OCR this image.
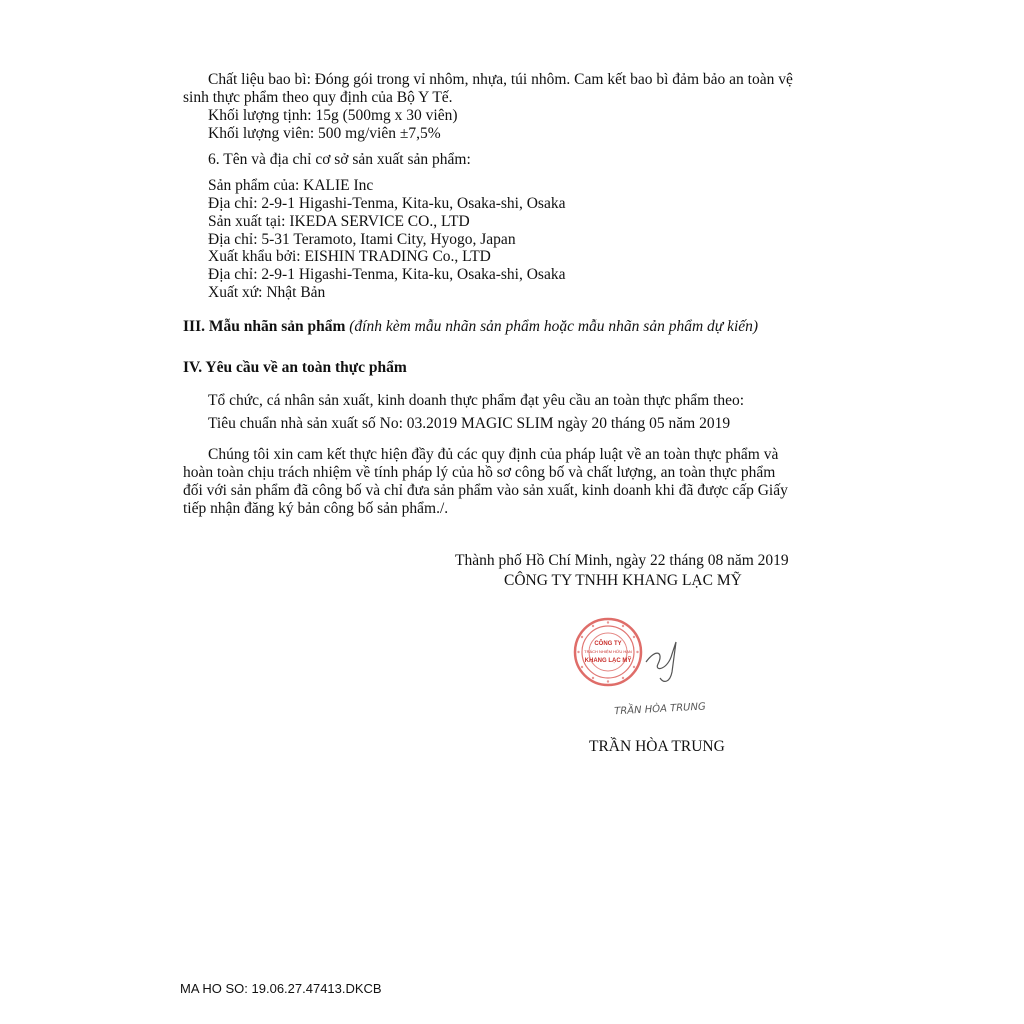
Chất liệu bao bì: Đóng gói trong vỉ nhôm, nhựa, túi nhôm. Cam kết bao bì đảm bảo an toàn vệ
sinh thực phẩm theo quy định của Bộ Y Tế.
Khối lượng tịnh: 15g (500mg x 30 viên)
Khối lượng viên: 500 mg/viên ±7,5%
6. Tên và địa chỉ cơ sở sản xuất sản phẩm:
Sản phẩm của: KALIE Inc
Địa chỉ: 2-9-1 Higashi-Tenma, Kita-ku, Osaka-shi, Osaka
Sản xuất tại: IKEDA SERVICE CO., LTD
Địa chỉ: 5-31 Teramoto, Itami City, Hyogo, Japan
Xuất khẩu bởi: EISHIN TRADING Co., LTD
Địa chỉ: 2-9-1 Higashi-Tenma, Kita-ku, Osaka-shi, Osaka
Xuất xứ: Nhật Bản
III. Mẫu nhãn sản phẩm (đính kèm mẫu nhãn sản phẩm hoặc mẫu nhãn sản phẩm dự kiến)
IV. Yêu cầu về an toàn thực phẩm
Tổ chức, cá nhân sản xuất, kinh doanh thực phẩm đạt yêu cầu an toàn thực phẩm theo:
Tiêu chuẩn nhà sản xuất số No: 03.2019 MAGIC SLIM ngày 20 tháng 05 năm 2019
Chúng tôi xin cam kết thực hiện đầy đủ các quy định của pháp luật về an toàn thực phẩm và
hoàn toàn chịu trách nhiệm về tính pháp lý của hồ sơ công bố và chất lượng, an toàn thực phẩm
đối với sản phẩm đã công bố và chỉ đưa sản phẩm vào sản xuất, kinh doanh khi đã được cấp Giấy
tiếp nhận đăng ký bản công bố sản phẩm./.
Thành phố Hồ Chí Minh, ngày 22 tháng 08 năm 2019
CÔNG TY TNHH KHANG LẠC MỸ
CÔNG TY
TRÁCH NHIỆM HỮU HẠN
KHANG LẠC MỸ
TRẦN HÒA TRUNG
TRẦN HÒA TRUNG
MA HO SO: 19.06.27.47413.DKCB
